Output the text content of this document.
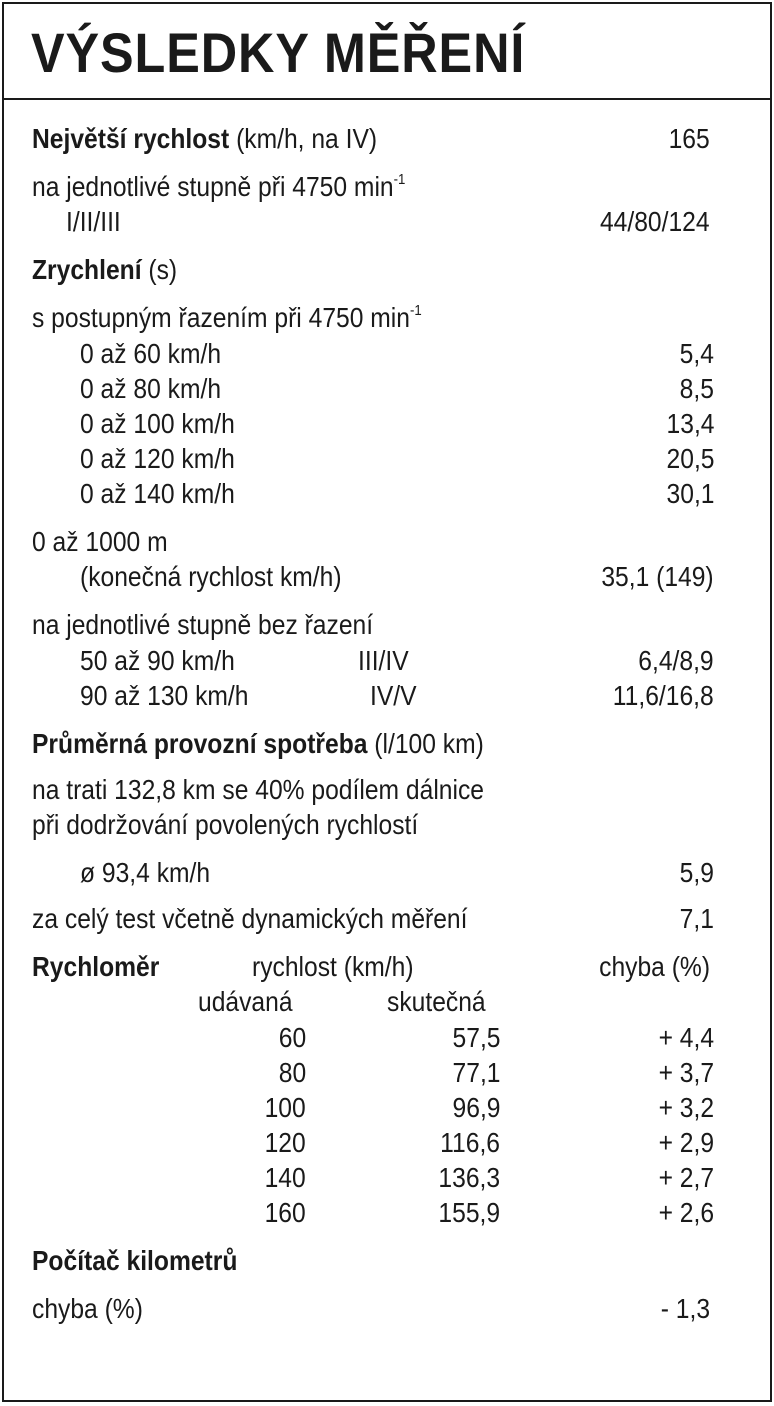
VÝSLEDKY MĚŘENÍ
Největší rychlost (km/h, na IV)	165
na jednotlivé stupně při 4750 $\min^{-1}$
I/II/III	44/80/124
Zrychlení (s)
s postupným řazením při 4750 $\min^{-1}$
0 až 60 km/h	5,4
0 až 80 km/h	8,5
0 až 100 km/h	13,4
0 až 120 km/h	20,5
0 až 140 km/h	30,1
0 až 1000 m
(konečná rychlost km/h)	35,1 (149)
na jednotlivé stupně bez řazení
50 až 90 km/h	III/IV	6,4/8,9
90 až 130 km/h	IV/V	11,6/16,8
Průměrná provozní spotřeba (l/100 km)
na trati 132,8 km se 40% podílem dálnice
při dodržování povolených rychlostí
ø 93,4 km/h	5,9
za celý test včetně dynamických měření	7,1
Rychloměr	rychlost (km/h)	chyba (%)
udávaná	skutečná
60	57,5	+ 4,4
80	77,1	+ 3,7
100	96,9	+ 3,2
120	116,6	+ 2,9
140	136,3	+ 2,7
160	155,9	+ 2,6
Počítač kilometrů
chyba (%)	- 1,3
